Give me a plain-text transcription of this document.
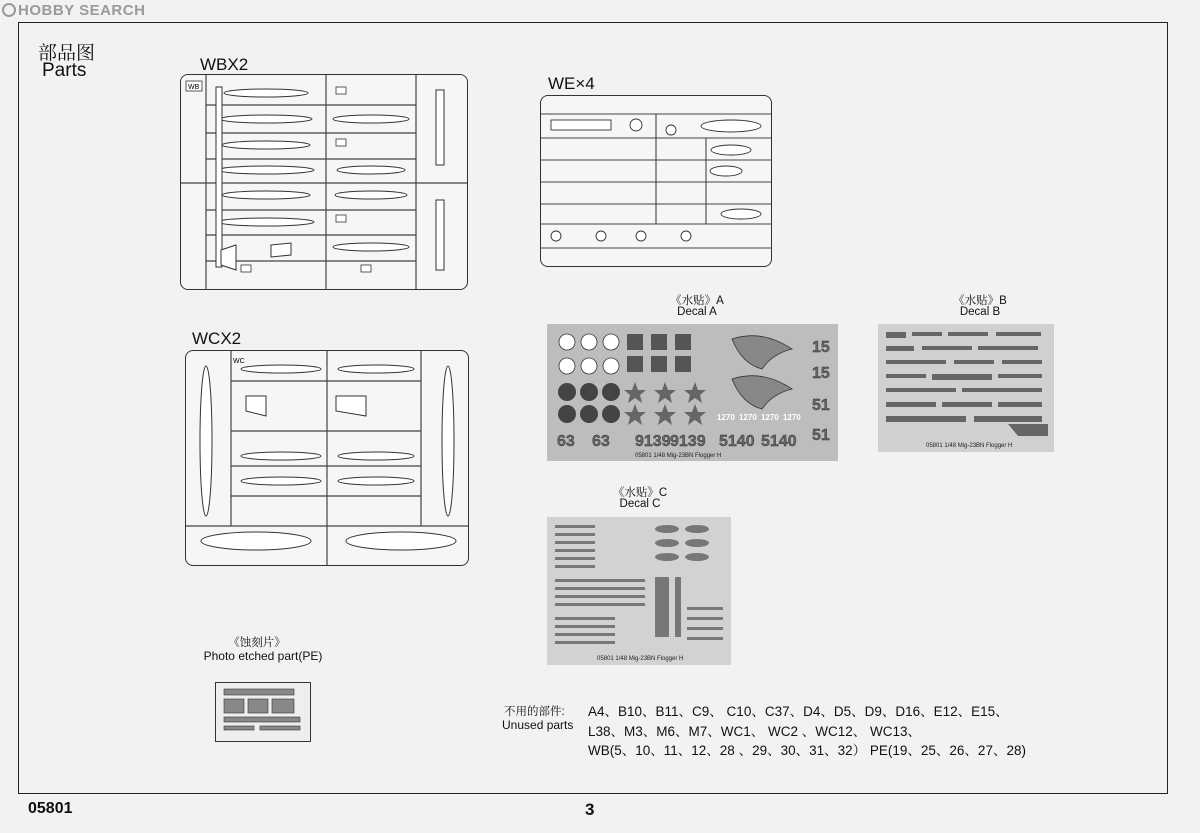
HOBBY SEARCH
部品图
Parts	WBX2
WB	WE×4
WCX2
WC
《水贴》A
Decal A
63 63 9139 9139 5140 5140
15
15
51
51
1270 1270 1270 1270
05801 1/48 Mig-23BN Flogger H
《水贴》B
Decal B
05801 1/48 Mig-23BN Flogger H
《水贴》C
Decal C
05801 1/48 Mig-23BN Flogger H
《蚀刻片》
Photo etched part(PE)
不用的部件:
Unused parts
A4、B10、B11、C9、 C10、C37、D4、D5、D9、D16、E12、E15、
L38、M3、M6、M7、WC1、 WC2 、WC12、 WC13、
WB(5、10、11、12、28 、29、30、31、32） PE(19、25、26、27、28)
05801	3
